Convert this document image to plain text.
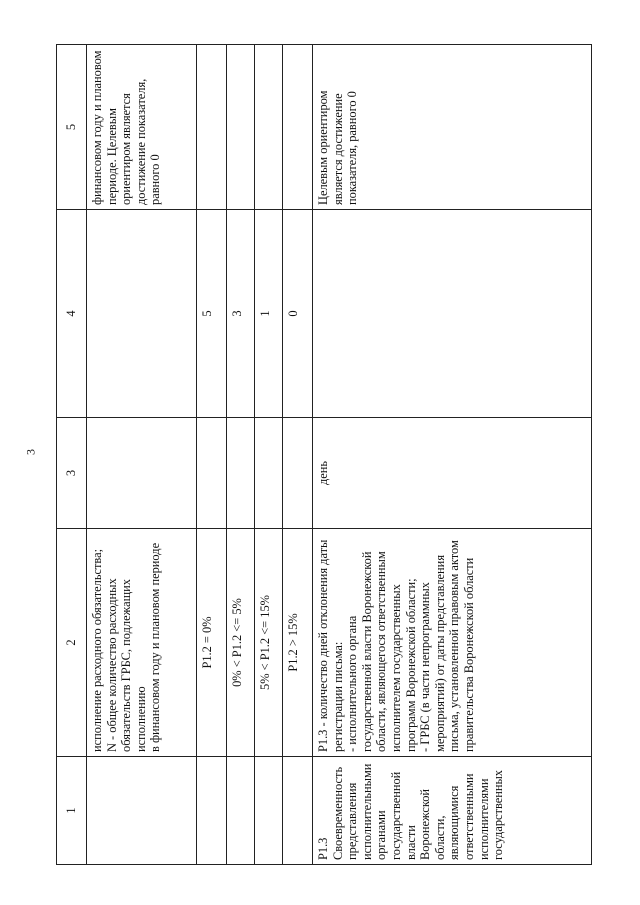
3
1	2	3	4	5

	исполнение расходного обязательства;
N - общее количество расходных обязательств ГРБС, подлежащих исполнению
в финансовом году и плановом периоде			финансовом году и плановом периоде. Целевым ориентиром является достижение показателя, равного 0

	P1.2 = 0%		5	

	0% < P1.2 <= 5%		3	

	5% < P1.2 <= 15%		1	

	P1.2 > 15%		0	

P1.3 Своевременность представления исполнительными органами государственной власти Воронежской области, являющимися ответственными исполнителями государственных	P1.3 - количество дней отклонения даты регистрации письма:
- исполнительного органа государственной власти Воронежской области, являющегося ответственным исполнителем государственных программ Воронежской области;
- ГРБС (в части непрограммных мероприятий) от даты представления письма, установленной правовым актом правительства Воронежской области	день		Целевым ориентиром является достижение показателя, равного 0
